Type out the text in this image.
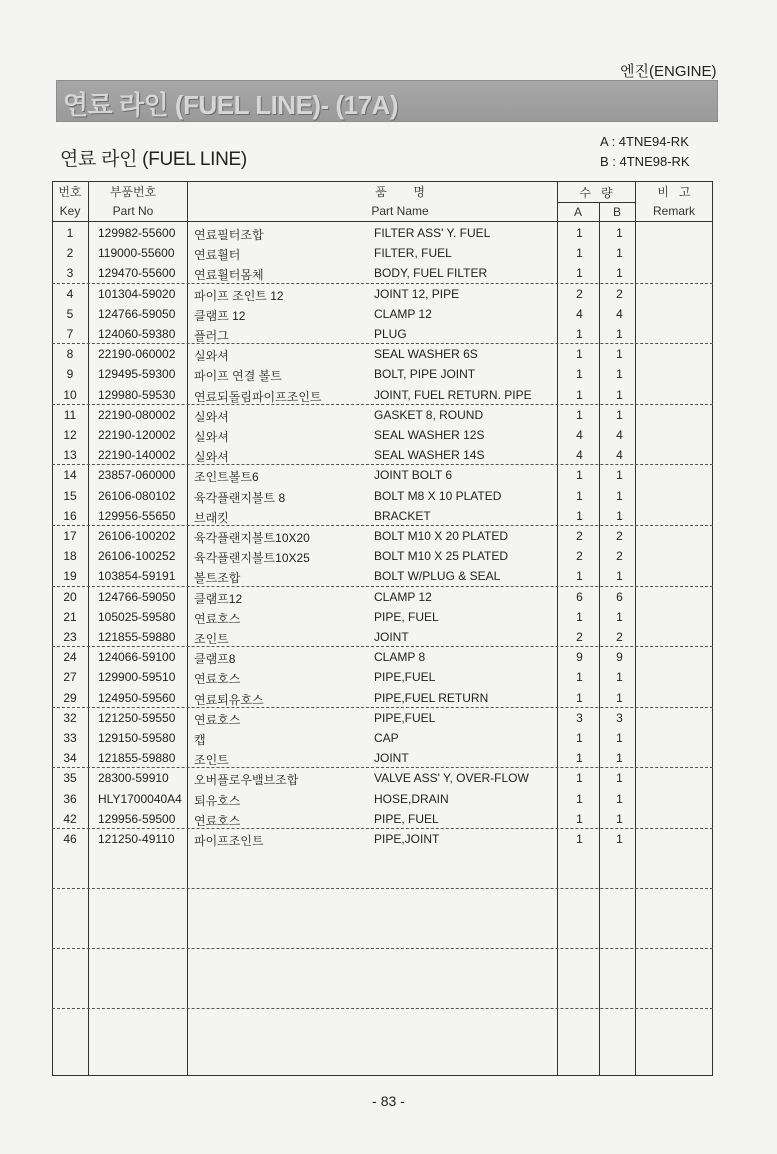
엔진(ENGINE)
연료 라인 (FUEL LINE)- (17A)
연료 라인 (FUEL LINE)
A : 4TNE94-RK
B : 4TNE98-RK
번호
Key
부품번호
Part No
품        명
Part Name
수   량
A	B
비   고
Remark
1	129982-55600 연료필터조합	FILTER ASS' Y. FUEL	1	1
2	119000-55600 연료휠터	FILTER, FUEL	1	1
3	129470-55600 연료휠터몸체	BODY, FUEL FILTER	1	1
4	101304-59020 파이프 조인트 12	JOINT 12, PIPE	2	2
5	124766-59050 클램프 12	CLAMP 12	4	4
7	124060-59380 플러그	PLUG	1	1
8	22190-060002 실와셔	SEAL WASHER 6S	1	1
9	129495-59300 파이프 연결 볼트	BOLT, PIPE JOINT	1	1
10	129980-59530 연료되돌림파이프조인트	JOINT, FUEL RETURN. PIPE	1	1
11	22190-080002 실와셔	GASKET 8, ROUND	1	1
12	22190-120002 실와셔	SEAL WASHER 12S	4	4
13	22190-140002 실와셔	SEAL WASHER 14S	4	4
14	23857-060000 조인트볼트6	JOINT BOLT 6	1	1
15	26106-080102 육각플랜지볼트 8	BOLT M8 X 10 PLATED	1	1
16	129956-55650 브래킷	BRACKET	1	1
17	26106-100202 육각플랜지볼트10X20	BOLT M10 X 20 PLATED	2	2
18	26106-100252 육각플랜지볼트10X25	BOLT M10 X 25 PLATED	2	2
19	103854-59191 볼트조합	BOLT W/PLUG & SEAL	1	1
20	124766-59050 클램프12	CLAMP 12	6	6
21	105025-59580 연료호스	PIPE, FUEL	1	1
23	121855-59880 조인트	JOINT	2	2
24	124066-59100 클램프8	CLAMP 8	9	9
27	129900-59510 연료호스	PIPE,FUEL	1	1
29	124950-59560 연료퇴유호스	PIPE,FUEL RETURN	1	1
32	121250-59550 연료호스	PIPE,FUEL	3	3
33	129150-59580 캡	CAP	1	1
34	121855-59880 조인트	JOINT	1	1
35	28300-59910 오버플로우밸브조합	VALVE ASS' Y, OVER-FLOW	1	1
36	HLY1700040A4 퇴유호스	HOSE,DRAIN	1	1
42	129956-59500 연료호스	PIPE, FUEL	1	1
46	121250-49110 파이프조인트	PIPE,JOINT	1	1
- 83 -
